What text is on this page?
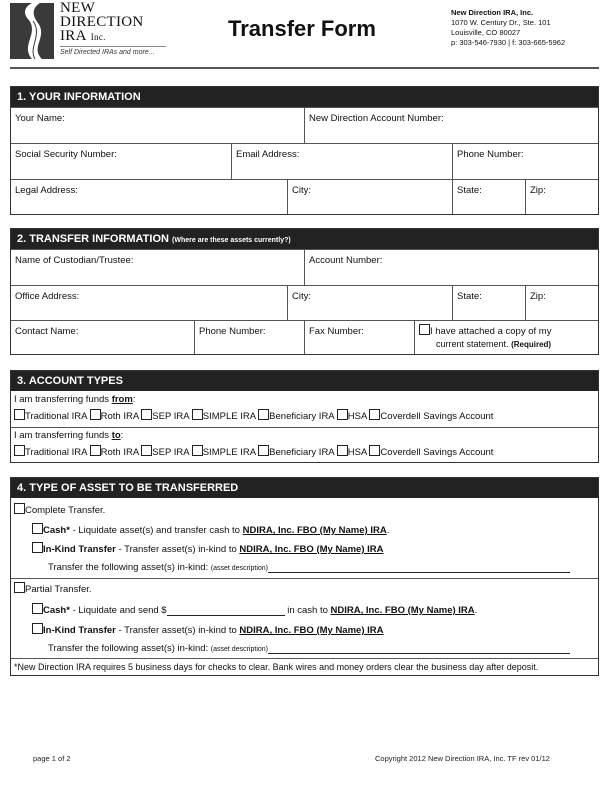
NEW
DIRECTION
IRA Inc.
Self Directed IRAs and more...
Transfer Form
New Direction IRA, Inc.
1070 W. Century Dr., Ste. 101
Louisville, CO 80027
p: 303-546-7930 | f: 303-665-5962
1. YOUR INFORMATION
Your Name:	New Direction Account Number:
Social Security Number:	Email Address:	Phone Number:
Legal Address:	City:	State:	Zip:
2. TRANSFER INFORMATION (Where are these assets currently?)
Name of Custodian/Trustee:	Account Number:
Office Address:	City:	State:	Zip:
Contact Name:	Phone Number:	Fax Number:	I have attached a copy of my
current statement. (Required)
3. ACCOUNT TYPES
I am transferring funds from:
Traditional IRA Roth IRA SEP IRA SIMPLE IRA Beneficiary IRA HSA Coverdell Savings Account
I am transferring funds to:
Traditional IRA Roth IRA SEP IRA SIMPLE IRA Beneficiary IRA HSA Coverdell Savings Account
4. TYPE OF ASSET TO BE TRANSFERRED
Complete Transfer.
Cash* - Liquidate asset(s) and transfer cash to NDIRA, Inc. FBO (My Name) IRA.
In-Kind Transfer - Transfer asset(s) in-kind to NDIRA, Inc. FBO (My Name) IRA
Transfer the following asset(s) in-kind: (asset description)
Partial Transfer.
Cash* - Liquidate and send $	in cash to NDIRA, Inc. FBO (My Name) IRA.
In-Kind Transfer - Transfer asset(s) in-kind to NDIRA, Inc. FBO (My Name) IRA
Transfer the following asset(s) in-kind: (asset description)
*New Direction IRA requires 5 business days for checks to clear. Bank wires and money orders clear the business day after deposit.
page 1 of 2	Copyright 2012 New Direction IRA, Inc. TF rev 01/12
